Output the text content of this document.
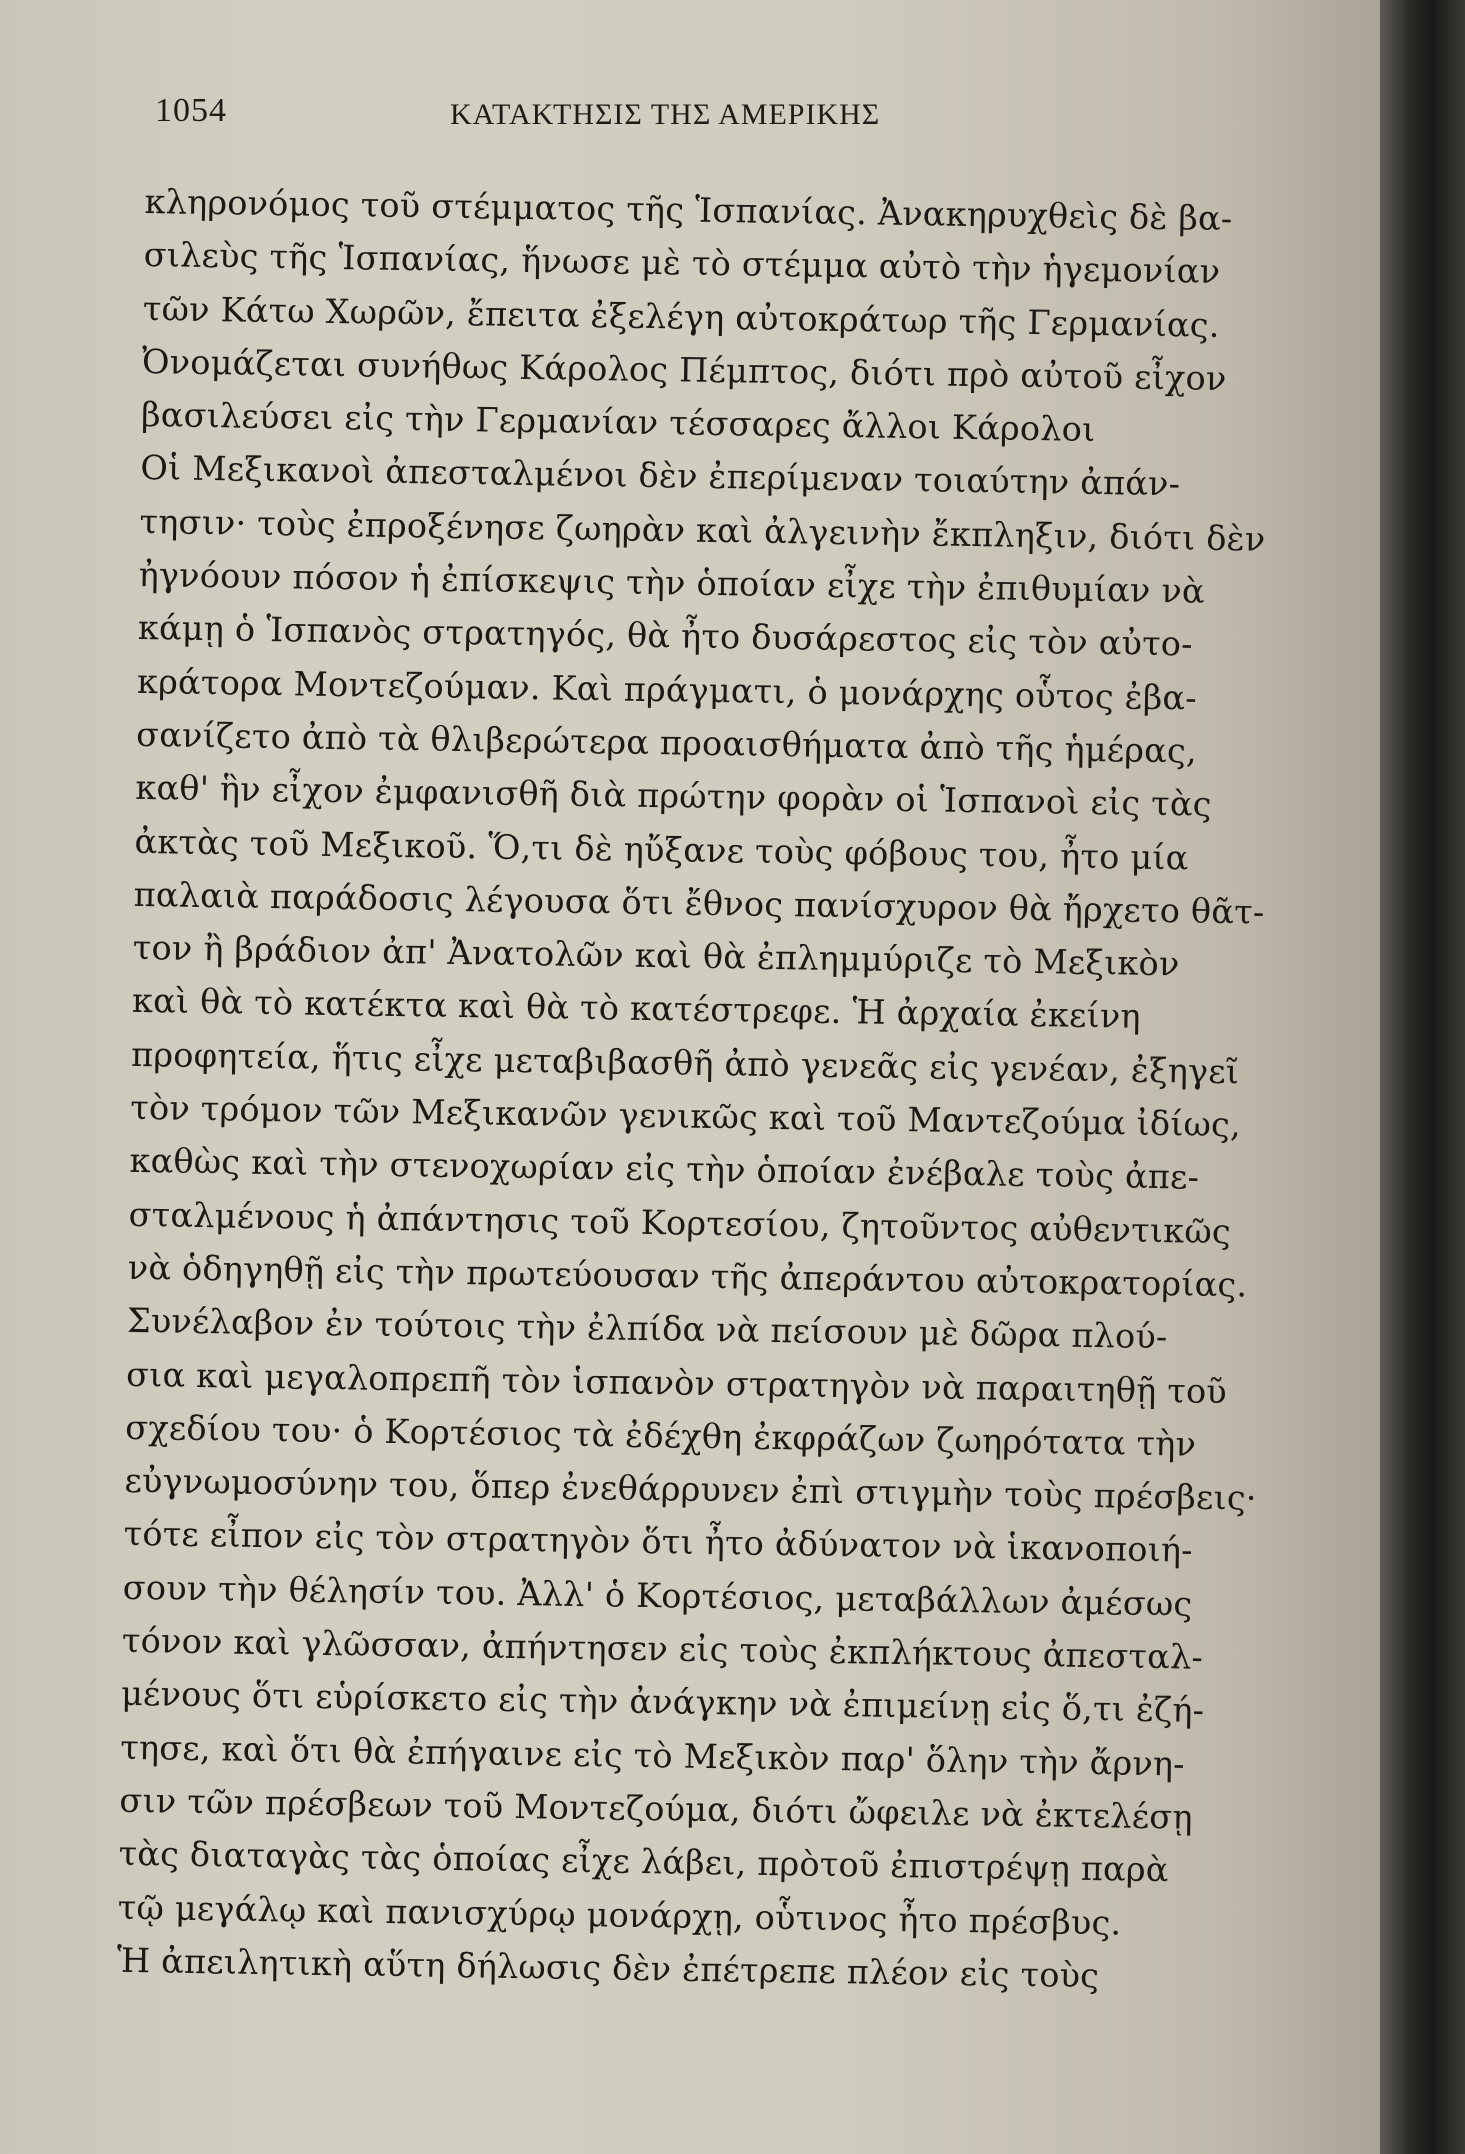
1054	ΚΑΤΑΚΤΗΣΙΣ ΤΗΣ ΑΜΕΡΙΚΗΣ
κληρονόμος τοῦ στέμματος τῆς Ἱσπανίας. Ἀνακηρυχθεὶς δὲ βα-
σιλεὺς τῆς Ἱσπανίας, ἥνωσε μὲ τὸ στέμμα αὐτὸ τὴν ἡγεμονίαν
τῶν Κάτω Χωρῶν, ἔπειτα ἐξελέγη αὐτοκράτωρ τῆς Γερμανίας.
Ὀνομάζεται συνήθως Κάρολος Πέμπτος, διότι πρὸ αὐτοῦ εἶχον
βασιλεύσει εἰς τὴν Γερμανίαν τέσσαρες ἄλλοι Κάρολοι
Οἱ Μεξικανοὶ ἀπεσταλμένοι δὲν ἐπερίμεναν τοιαύτην ἀπάν-
τησιν· τοὺς ἐπροξένησε ζωηρὰν καὶ ἀλγεινὴν ἔκπληξιν, διότι δὲν
ἠγνόουν πόσον ἡ ἐπίσκεψις τὴν ὁποίαν εἶχε τὴν ἐπιθυμίαν νὰ
κάμῃ ὁ Ἱσπανὸς στρατηγός, θὰ ἦτο δυσάρεστος εἰς τὸν αὐτο-
κράτορα Μοντεζούμαν. Καὶ πράγματι, ὁ μονάρχης οὗτος ἐβα-
σανίζετο ἀπὸ τὰ θλιβερώτερα προαισθήματα ἀπὸ τῆς ἡμέρας,
καθ' ἣν εἶχον ἐμφανισθῆ διὰ πρώτην φορὰν οἱ Ἱσπανοὶ εἰς τὰς
ἀκτὰς τοῦ Μεξικοῦ. Ὅ,τι δὲ ηὔξανε τοὺς φόβους του, ἦτο μία
παλαιὰ παράδοσις λέγουσα ὅτι ἔθνος πανίσχυρον θὰ ἤρχετο θᾶτ-
τον ἢ βράδιον ἀπ' Ἀνατολῶν καὶ θὰ ἐπλημμύριζε τὸ Μεξικὸν
καὶ θὰ τὸ κατέκτα καὶ θὰ τὸ κατέστρεφε. Ἡ ἀρχαία ἐκείνη
προφητεία, ἥτις εἶχε μεταβιβασθῆ ἀπὸ γενεᾶς εἰς γενέαν, ἐξηγεῖ
τὸν τρόμον τῶν Μεξικανῶν γενικῶς καὶ τοῦ Μαντεζούμα ἰδίως,
καθὼς καὶ τὴν στενοχωρίαν εἰς τὴν ὁποίαν ἐνέβαλε τοὺς ἀπε-
σταλμένους ἡ ἀπάντησις τοῦ Κορτεσίου, ζητοῦντος αὐθεντικῶς
νὰ ὁδηγηθῇ εἰς τὴν πρωτεύουσαν τῆς ἀπεράντου αὐτοκρατορίας.
Συνέλαβον ἐν τούτοις τὴν ἐλπίδα νὰ πείσουν μὲ δῶρα πλού-
σια καὶ μεγαλοπρεπῆ τὸν ἱσπανὸν στρατηγὸν νὰ παραιτηθῇ τοῦ
σχεδίου του· ὁ Κορτέσιος τὰ ἐδέχθη ἐκφράζων ζωηρότατα τὴν
εὐγνωμοσύνην του, ὅπερ ἐνεθάρρυνεν ἐπὶ στιγμὴν τοὺς πρέσβεις·
τότε εἶπον εἰς τὸν στρατηγὸν ὅτι ἦτο ἀδύνατον νὰ ἱκανοποιή-
σουν τὴν θέλησίν του. Ἀλλ' ὁ Κορτέσιος, μεταβάλλων ἀμέσως
τόνον καὶ γλῶσσαν, ἀπήντησεν εἰς τοὺς ἐκπλήκτους ἀπεσταλ-
μένους ὅτι εὑρίσκετο εἰς τὴν ἀνάγκην νὰ ἐπιμείνῃ εἰς ὅ,τι ἐζή-
τησε, καὶ ὅτι θὰ ἐπήγαινε εἰς τὸ Μεξικὸν παρ' ὅλην τὴν ἄρνη-
σιν τῶν πρέσβεων τοῦ Μοντεζούμα, διότι ὤφειλε νὰ ἐκτελέσῃ
τὰς διαταγὰς τὰς ὁποίας εἶχε λάβει, πρὸτοῦ ἐπιστρέψῃ παρὰ
τῷ μεγάλῳ καὶ πανισχύρῳ μονάρχῃ, οὗτινος ἦτο πρέσβυς.
Ἡ ἀπειλητικὴ αὕτη δήλωσις δὲν ἐπέτρεπε πλέον εἰς τοὺς
